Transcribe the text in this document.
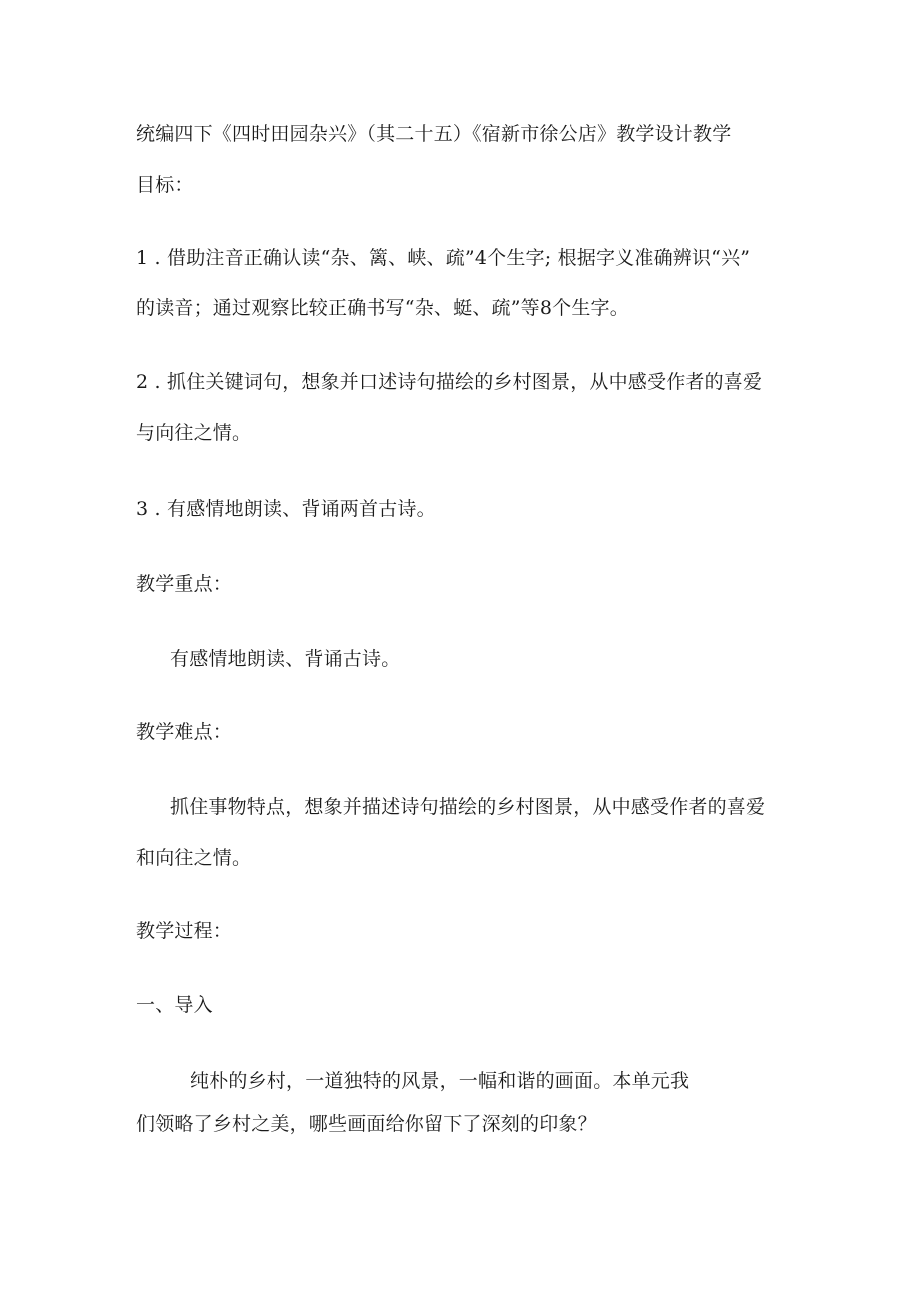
统编四下《四时田园杂兴》（其二十五）《宿新市徐公店》教学设计教学
目标：
1 . 借助注音正确认读“杂、篱、峡、疏”4个生字; 根据字义准确辨识“兴”
的读音；通过观察比较正确书写“杂、蜓、疏”等8个生字。
2 . 抓住关键词句，想象并口述诗句描绘的乡村图景，从中感受作者的喜爱
与向往之情。
3 . 有感情地朗读、背诵两首古诗。
教学重点：
有感情地朗读、背诵古诗。
教学难点：
抓住事物特点，想象并描述诗句描绘的乡村图景，从中感受作者的喜爱
和向往之情。
教学过程：
一、导入
纯朴的乡村，一道独特的风景，一幅和谐的画面。本单元我
们领略了乡村之美，哪些画面给你留下了深刻的印象？
